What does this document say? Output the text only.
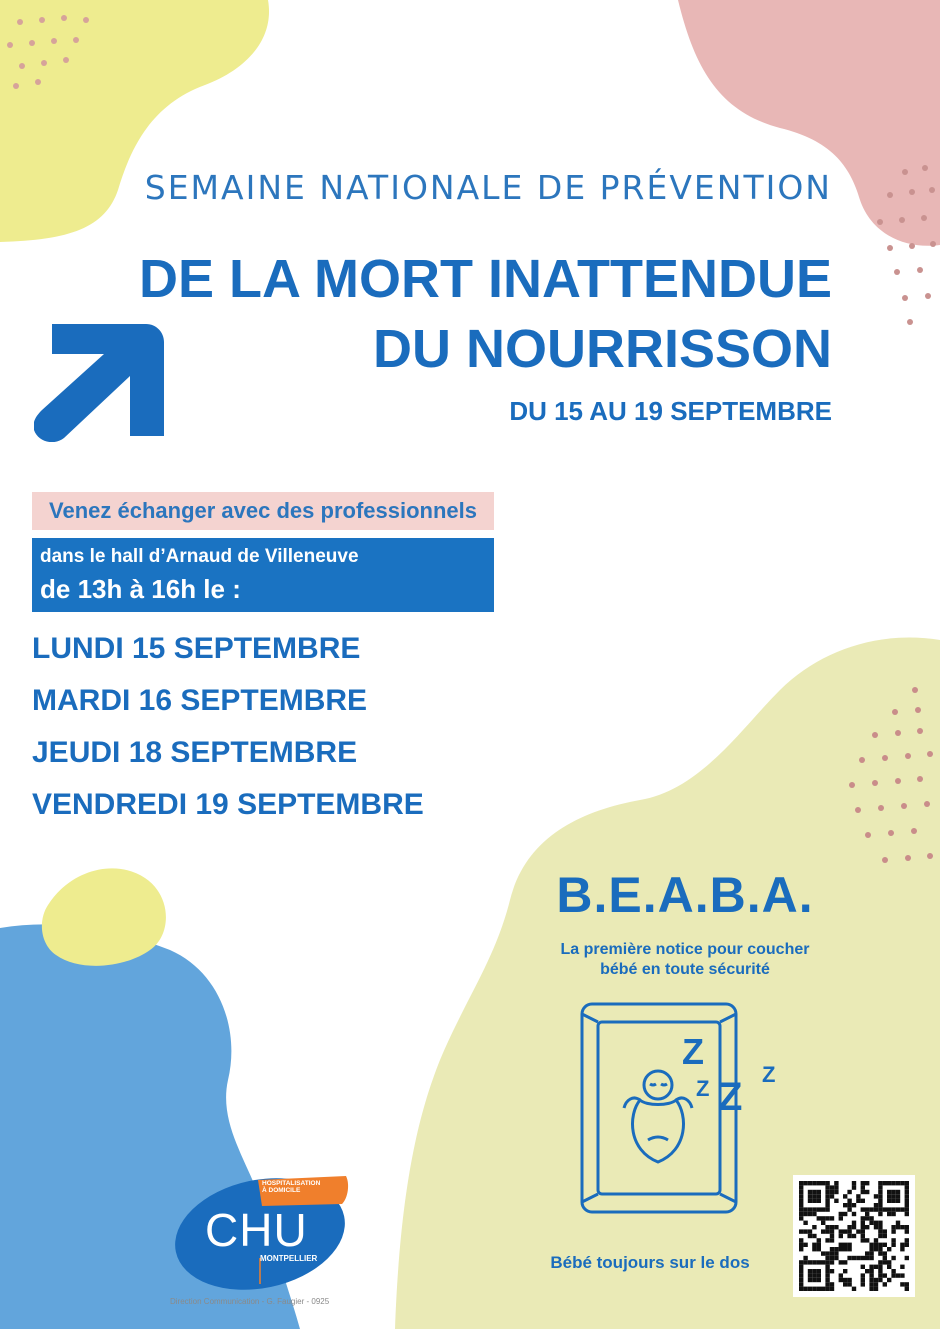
SEMAINE NATIONALE DE PRÉVENTION
DE LA MORT INATTENDUE
DU NOURRISSON
DU 15 AU 19 SEPTEMBRE
Venez échanger avec des professionnels
dans le hall d’Arnaud de Villeneuve
de 13h à 16h le :
LUNDI 15 SEPTEMBRE
MARDI 16 SEPTEMBRE
JEUDI 18 SEPTEMBRE
VENDREDI 19 SEPTEMBRE
B.E.A.B.A.
La première notice pour coucher
bébé en toute sécurité
Z
Z Z
Z
Bébé toujours sur le dos
CHU
MONTPELLIER
HOSPITALISATION
À DOMICILE
Direction Communication - G. Faugier - 0925
